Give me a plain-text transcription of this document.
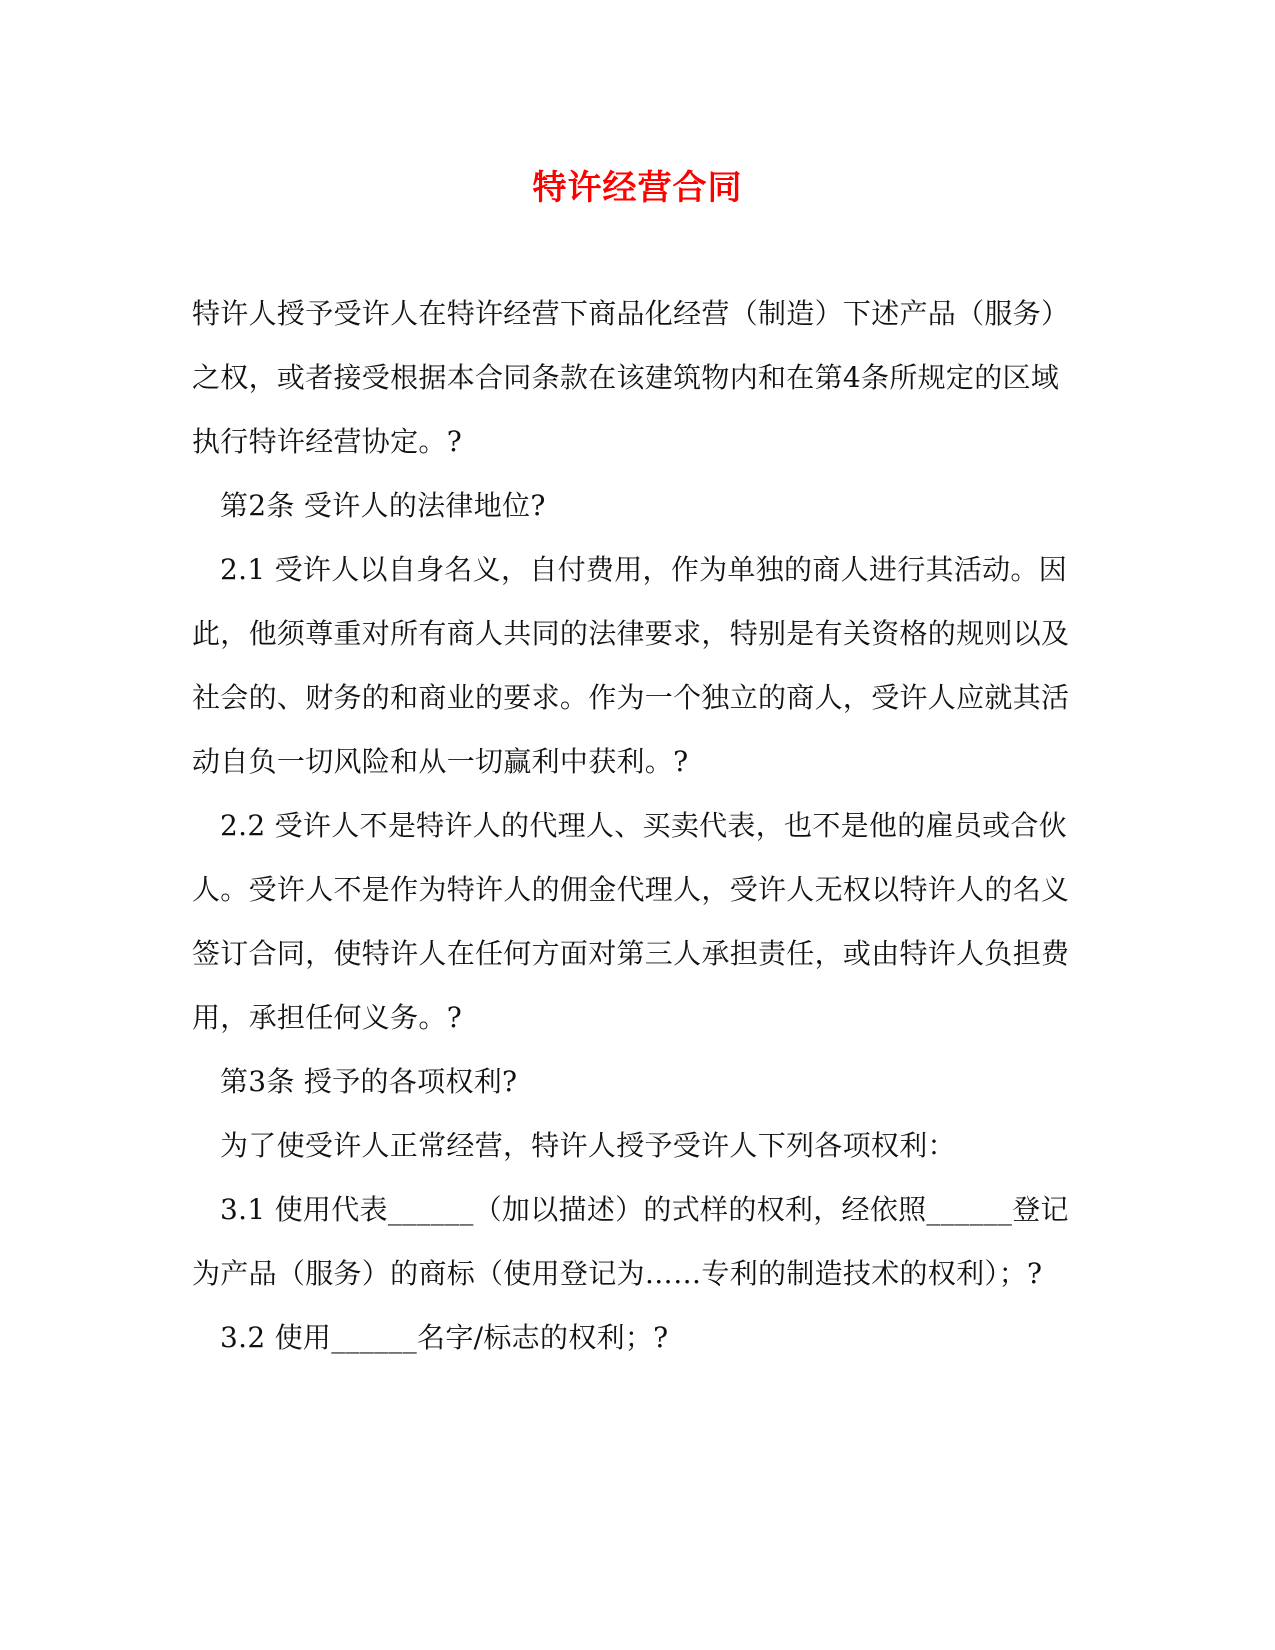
特许经营合同

特许人授予受许人在特许经营下商品化经营（制造）下述产品（服务）之权，或者接受根据本合同条款在该建筑物内和在第4条所规定的区域执行特许经营协定。?

第2条 受许人的法律地位?

2.1 受许人以自身名义，自付费用，作为单独的商人进行其活动。因此，他须尊重对所有商人共同的法律要求，特别是有关资格的规则以及社会的、财务的和商业的要求。作为一个独立的商人，受许人应就其活动自负一切风险和从一切赢利中获利。?

2.2 受许人不是特许人的代理人、买卖代表，也不是他的雇员或合伙人。受许人不是作为特许人的佣金代理人，受许人无权以特许人的名义签订合同，使特许人在任何方面对第三人承担责任，或由特许人负担费用，承担任何义务。?

第3条 授予的各项权利?

为了使受许人正常经营，特许人授予受许人下列各项权利：

3.1 使用代表______（加以描述）的式样的权利，经依照______登记为产品（服务）的商标（使用登记为……专利的制造技术的权利）；?

3.2 使用______名字/标志的权利；?
